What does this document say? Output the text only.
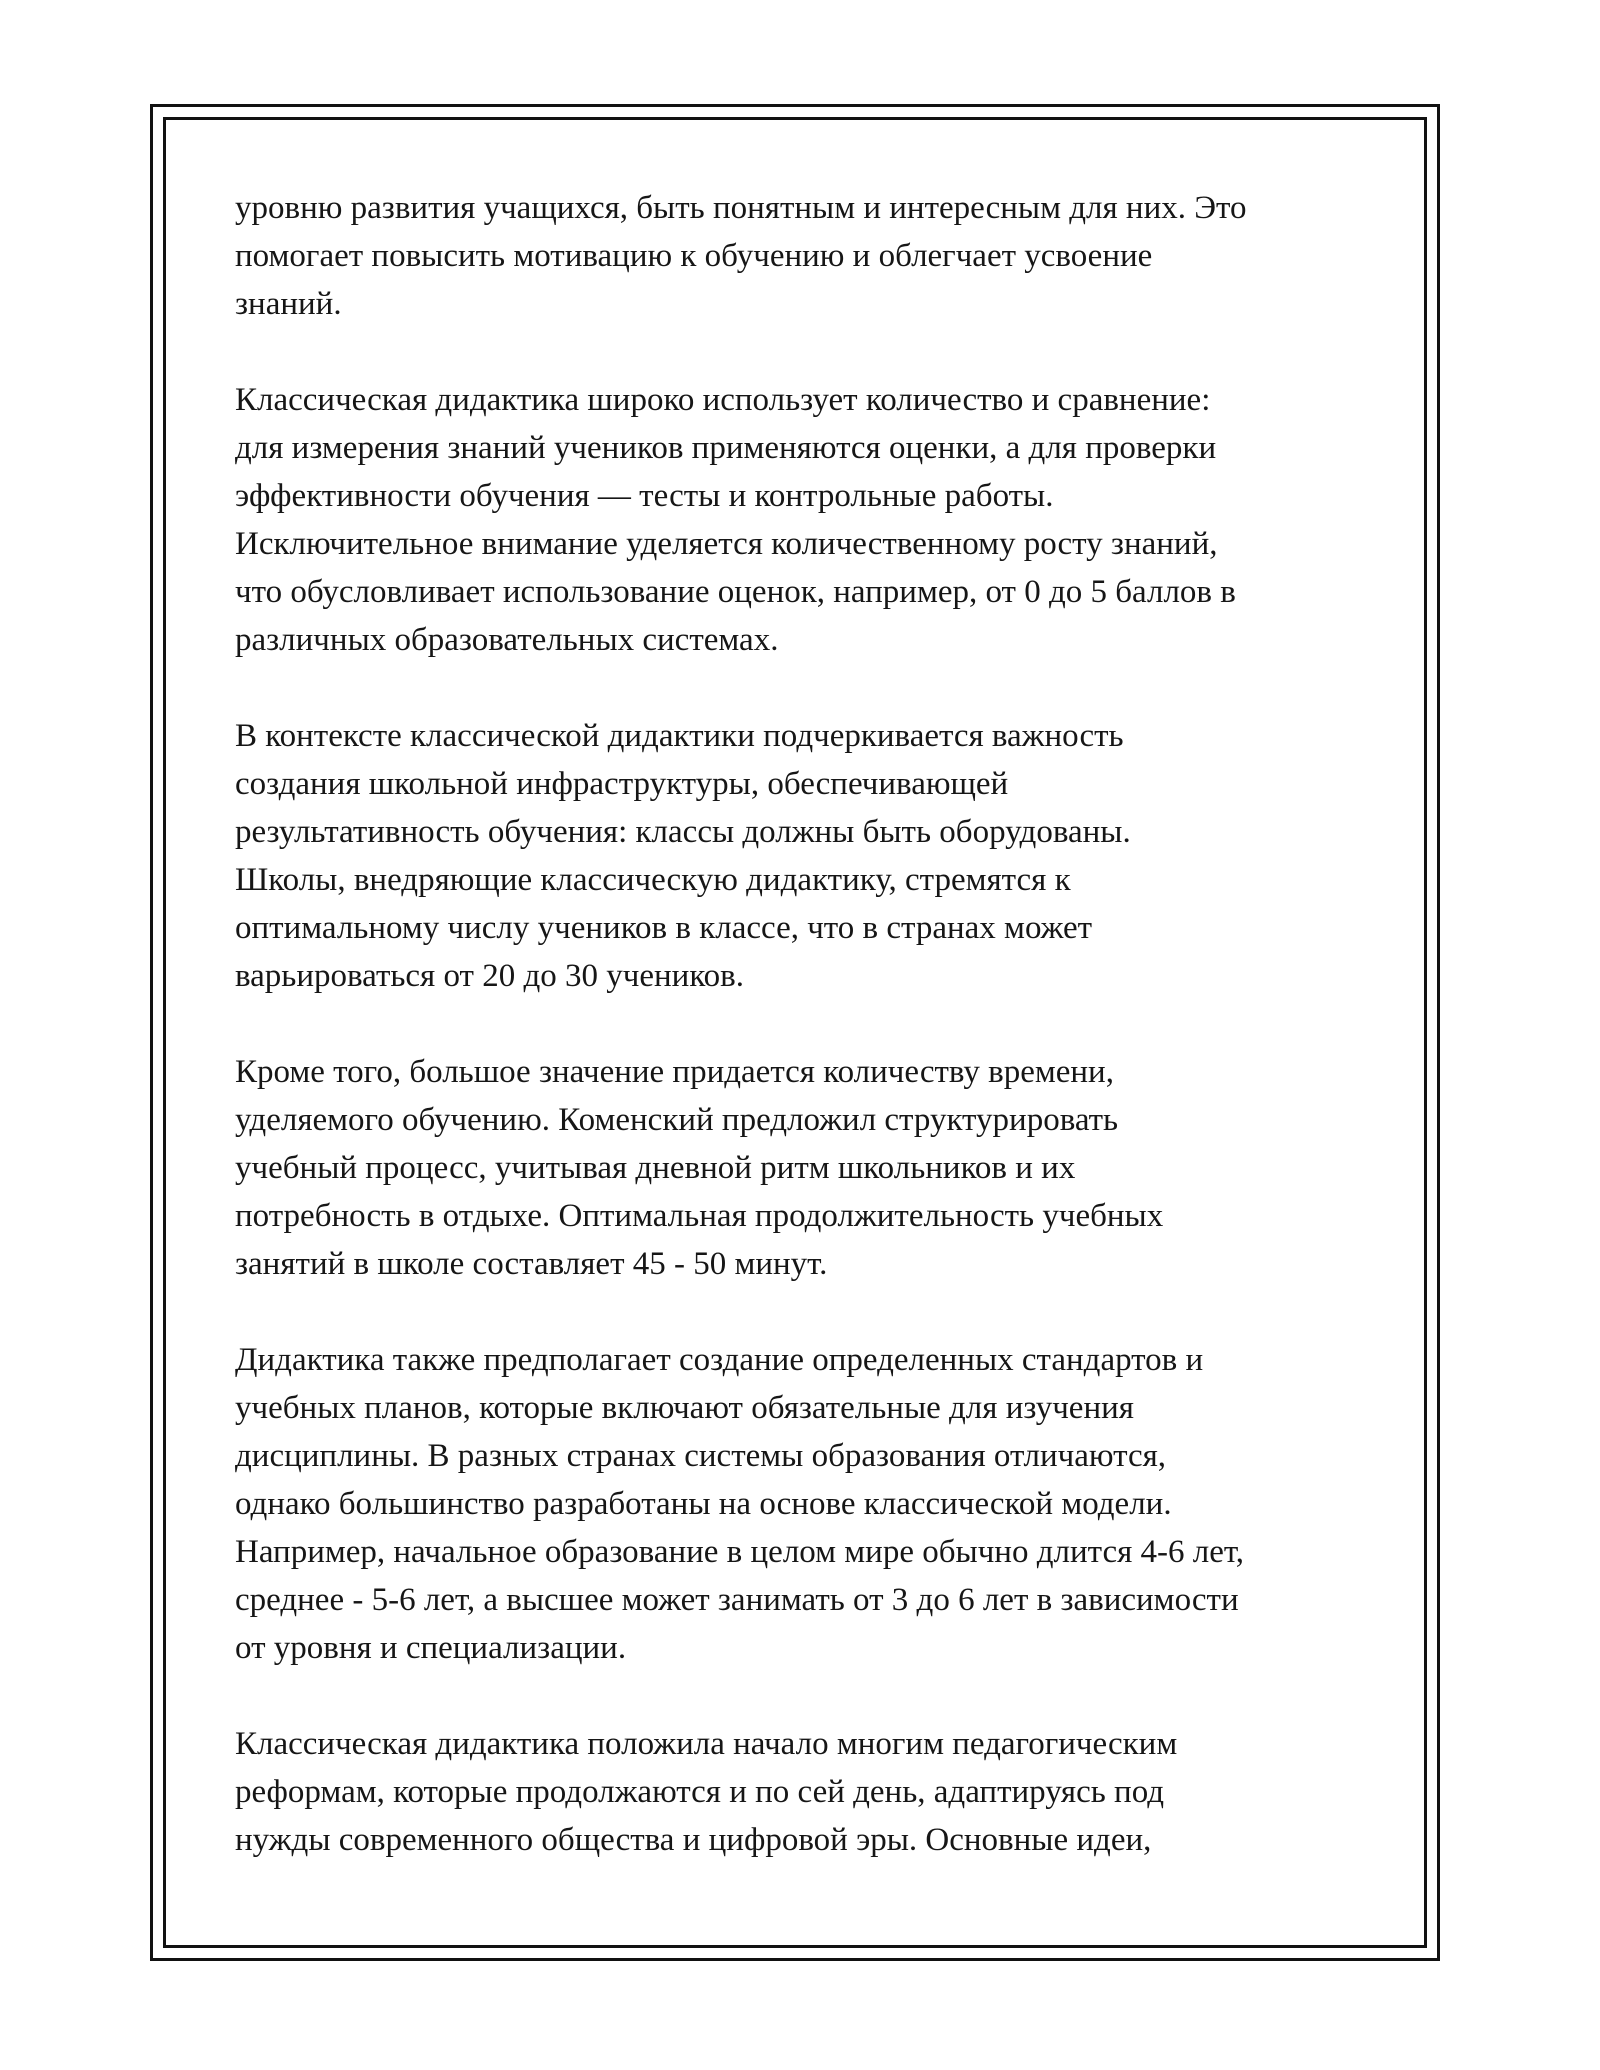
уровню развития учащихся, быть понятным и интересным для них. Это
помогает повысить мотивацию к обучению и облегчает усвоение
знаний.

Классическая дидактика широко использует количество и сравнение:
для измерения знаний учеников применяются оценки, а для проверки
эффективности обучения — тесты и контрольные работы.
Исключительное внимание уделяется количественному росту знаний,
что обусловливает использование оценок, например, от 0 до 5 баллов в
различных образовательных системах.

В контексте классической дидактики подчеркивается важность
создания школьной инфраструктуры, обеспечивающей
результативность обучения: классы должны быть оборудованы.
Школы, внедряющие классическую дидактику, стремятся к
оптимальному числу учеников в классе, что в странах может
варьироваться от 20 до 30 учеников.

Кроме того, большое значение придается количеству времени,
уделяемого обучению. Коменский предложил структурировать
учебный процесс, учитывая дневной ритм школьников и их
потребность в отдыхе. Оптимальная продолжительность учебных
занятий в школе составляет 45 - 50 минут.

Дидактика также предполагает создание определенных стандартов и
учебных планов, которые включают обязательные для изучения
дисциплины. В разных странах системы образования отличаются,
однако большинство разработаны на основе классической модели.
Например, начальное образование в целом мире обычно длится 4-6 лет,
среднее - 5-6 лет, а высшее может занимать от 3 до 6 лет в зависимости
от уровня и специализации.

Классическая дидактика положила начало многим педагогическим
реформам, которые продолжаются и по сей день, адаптируясь под
нужды современного общества и цифровой эры. Основные идеи,
